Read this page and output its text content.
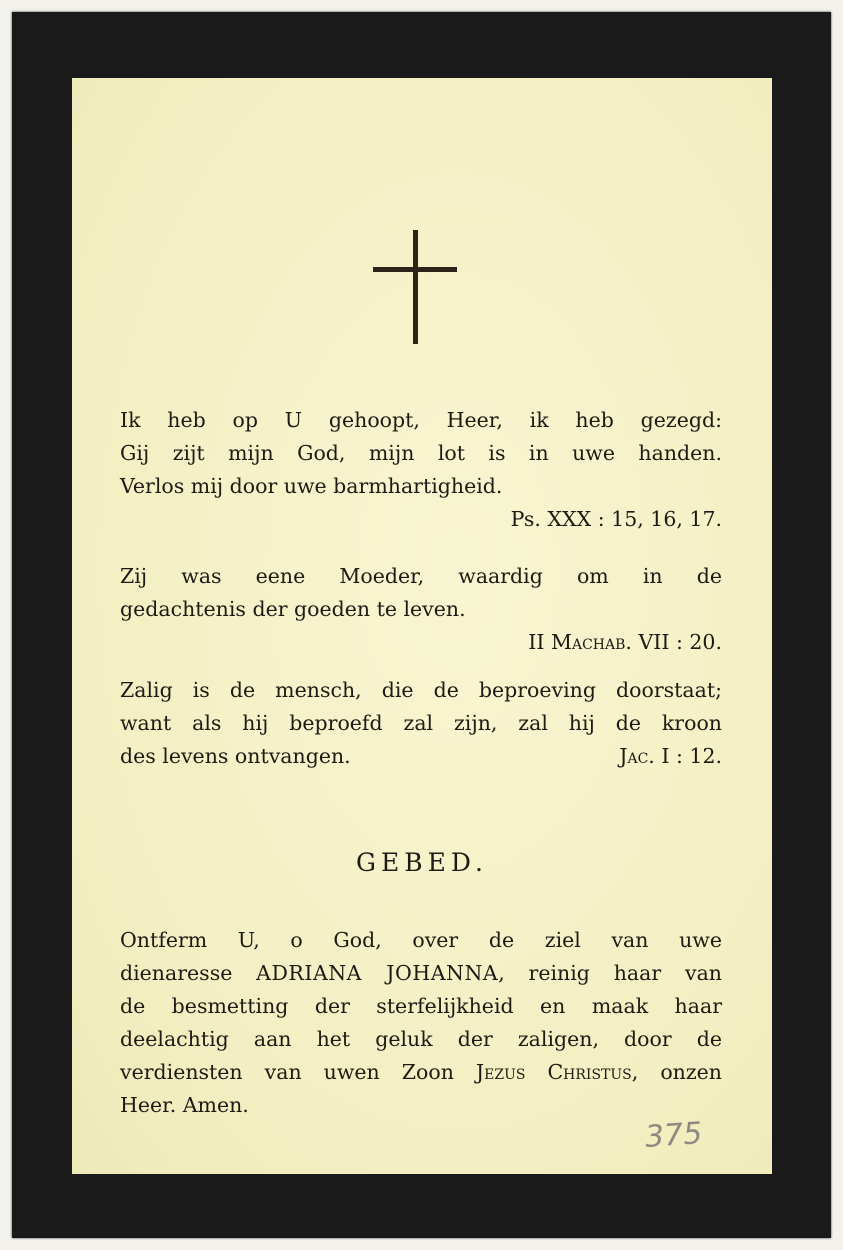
Ik heb op U gehoopt, Heer, ik heb gezegd:
Gij zijt mijn God, mijn lot is in uwe handen.
Verlos mij door uwe barmhartigheid.
Ps. XXX : 15, 16, 17.
Zij was eene Moeder, waardig om in de
gedachtenis der goeden te leven.
II Machab. VII : 20.
Zalig is de mensch, die de beproeving doorstaat;
want als hij beproefd zal zijn, zal hij de kroon
des levens ontvangen.	Jac. I : 12.
GEBED.
Ontferm U, o God, over de ziel van uwe
dienaresse ADRIANA JOHANNA, reinig haar van
de besmetting der sterfelijkheid en maak haar
deelachtig aan het geluk der zaligen, door de
verdiensten van uwen Zoon Jezus Christus, onzen
Heer. Amen.
375
